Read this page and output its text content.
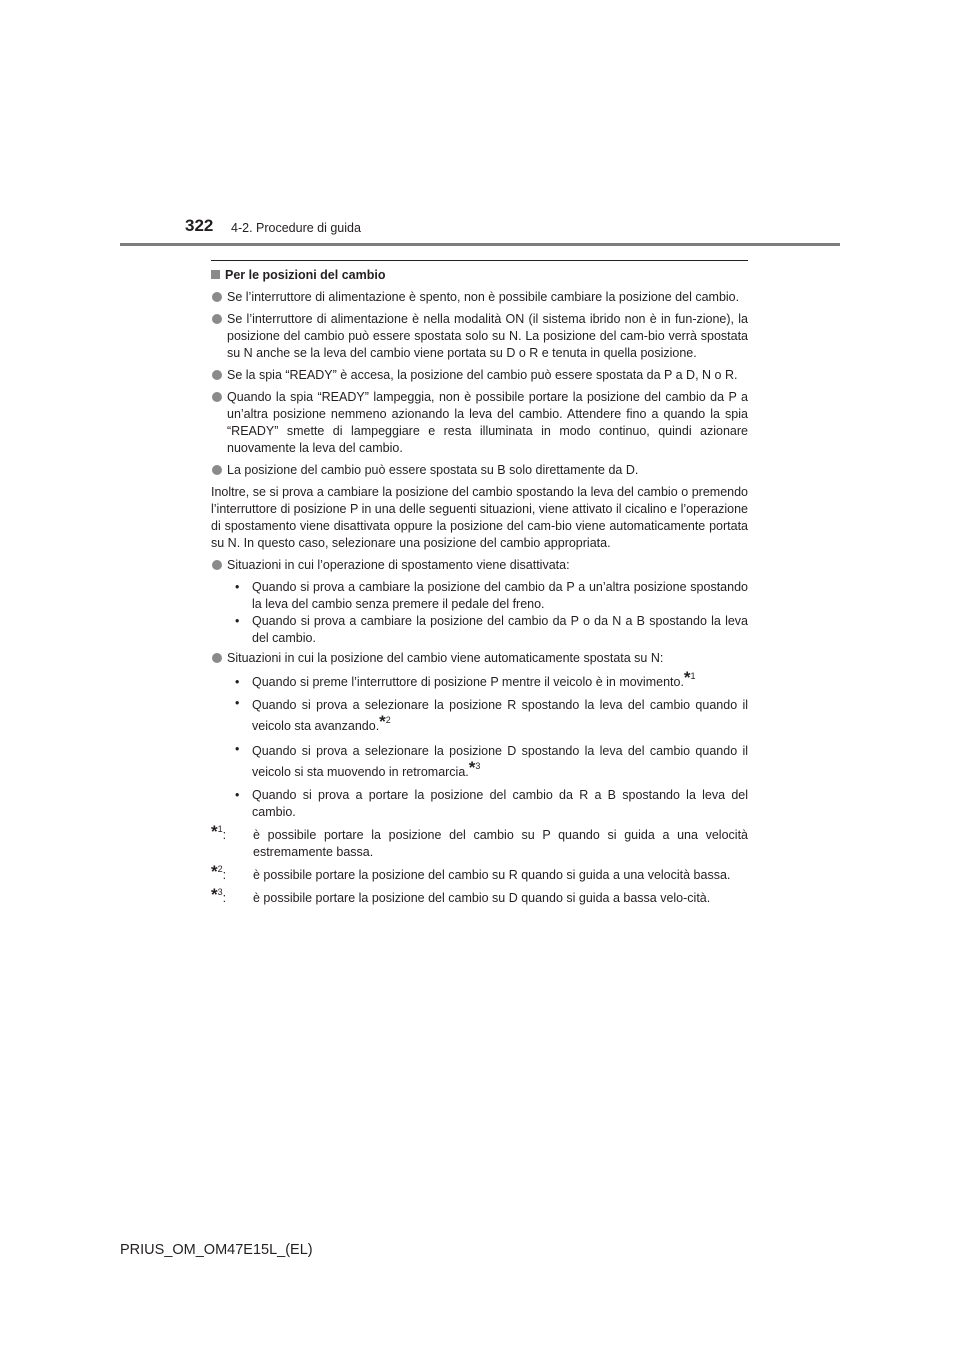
322 4-2. Procedure di guida
Per le posizioni del cambio
Se l’interruttore di alimentazione è spento, non è possibile cambiare la posizione del cambio.
Se l’interruttore di alimentazione è nella modalità ON (il sistema ibrido non è in fun-zione), la posizione del cambio può essere spostata solo su N. La posizione del cam-bio verrà spostata su N anche se la leva del cambio viene portata su D o R e tenuta in quella posizione.
Se la spia “READY” è accesa, la posizione del cambio può essere spostata da P a D, N o R.
Quando la spia “READY” lampeggia, non è possibile portare la posizione del cambio da P a un’altra posizione nemmeno azionando la leva del cambio. Attendere fino a quando la spia “READY” smette di lampeggiare e resta illuminata in modo continuo, quindi azionare nuovamente la leva del cambio.
La posizione del cambio può essere spostata su B solo direttamente da D.
Inoltre, se si prova a cambiare la posizione del cambio spostando la leva del cambio o premendo l’interruttore di posizione P in una delle seguenti situazioni, viene attivato il cicalino e l’operazione di spostamento viene disattivata oppure la posizione del cam-bio viene automaticamente portata su N. In questo caso, selezionare una posizione del cambio appropriata.
Situazioni in cui l’operazione di spostamento viene disattivata:
•	Quando si prova a cambiare la posizione del cambio da P a un’altra posizione spostando la leva del cambio senza premere il pedale del freno.
•	Quando si prova a cambiare la posizione del cambio da P o da N a B spostando la leva del cambio.
Situazioni in cui la posizione del cambio viene automaticamente spostata su N:
•	Quando si preme l’interruttore di posizione P mentre il veicolo è in movimento.*$^1$
•	Quando si prova a selezionare la posizione R spostando la leva del cambio quando il veicolo sta avanzando.*$^2$
•	Quando si prova a selezionare la posizione D spostando la leva del cambio quando il veicolo si sta muovendo in retromarcia.*$^3$
•	Quando si prova a portare la posizione del cambio da R a B spostando la leva del cambio.
*$^1$:	è possibile portare la posizione del cambio su P quando si guida a una velocità estremamente bassa.
*$^2$:	è possibile portare la posizione del cambio su R quando si guida a una velocità bassa.
*$^3$:	è possibile portare la posizione del cambio su D quando si guida a bassa velo-cità.
PRIUS_OM_OM47E15L_(EL)
